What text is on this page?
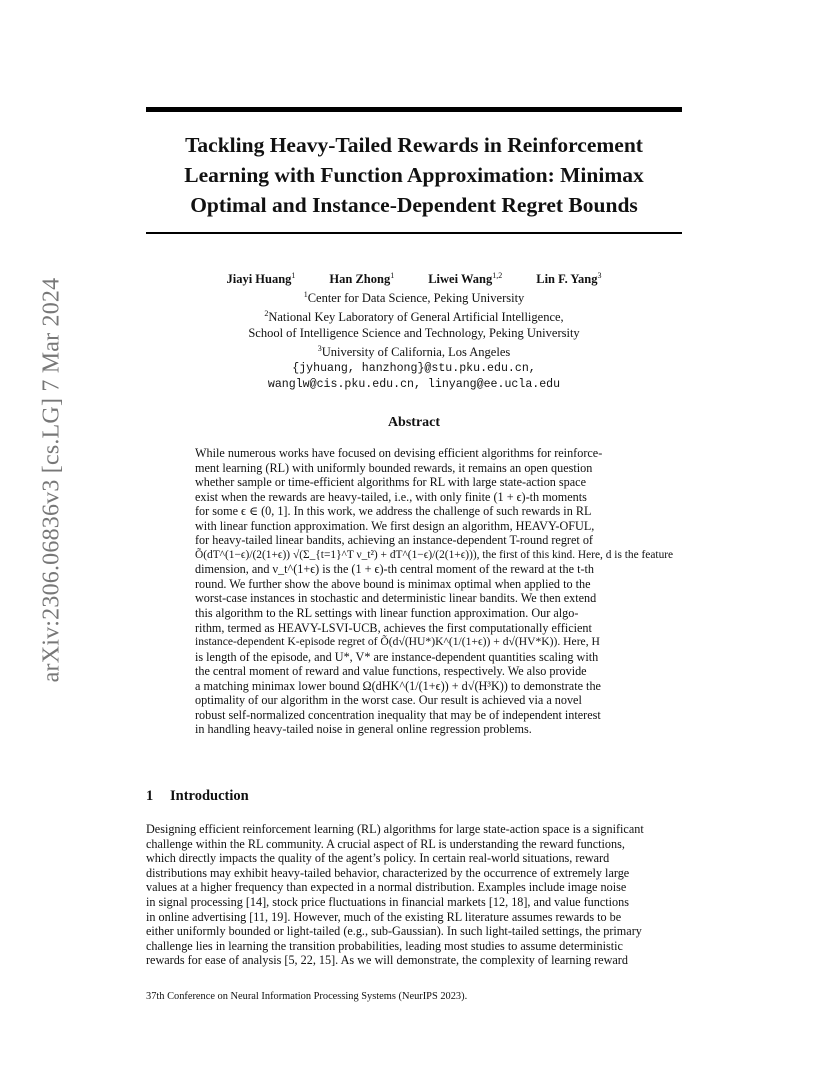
Tackling Heavy-Tailed Rewards in Reinforcement
Learning with Function Approximation: Minimax
Optimal and Instance-Dependent Regret Bounds
arXiv:2306.06836v3 [cs.LG] 7 Mar 2024	Jiayi Huang$^1$	Han Zhong$^1$	Liwei Wang$^{1,2}$	Lin F. Yang$^3$
$^1$Center for Data Science, Peking University
$^2$National Key Laboratory of General Artificial Intelligence,
School of Intelligence Science and Technology, Peking University
$^3$University of California, Los Angeles
{jyhuang, hanzhong}@stu.pku.edu.cn,
wanglw@cis.pku.edu.cn, linyang@ee.ucla.edu
Abstract
While numerous works have focused on devising efficient algorithms for reinforce-
ment learning (RL) with uniformly bounded rewards, it remains an open question
whether sample or time-efficient algorithms for RL with large state-action space
exist when the rewards are heavy-tailed, i.e., with only finite (1 + ϵ)-th moments
for some ϵ ∈ (0, 1]. In this work, we address the challenge of such rewards in RL
with linear function approximation. We first design an algorithm, HEAVY-OFUL,
for heavy-tailed linear bandits, achieving an instance-dependent T-round regret of
Õ(dT^(1−ϵ)/(2(1+ϵ)) √(Σ_{t=1}^T ν_t²) + dT^(1−ϵ)/(2(1+ϵ))), the first of this kind. Here, d is the feature
dimension, and ν_t^(1+ϵ) is the (1 + ϵ)-th central moment of the reward at the t-th
round. We further show the above bound is minimax optimal when applied to the
worst-case instances in stochastic and deterministic linear bandits. We then extend
this algorithm to the RL settings with linear function approximation. Our algo-
rithm, termed as HEAVY-LSVI-UCB, achieves the first computationally efficient
instance-dependent K-episode regret of Õ(d√(HU*)K^(1/(1+ϵ)) + d√(HV*K)). Here, H
is length of the episode, and U*, V* are instance-dependent quantities scaling with
the central moment of reward and value functions, respectively. We also provide
a matching minimax lower bound Ω(dHK^(1/(1+ϵ)) + d√(H³K)) to demonstrate the
optimality of our algorithm in the worst case. Our result is achieved via a novel
robust self-normalized concentration inequality that may be of independent interest
in handling heavy-tailed noise in general online regression problems.
1 Introduction
Designing efficient reinforcement learning (RL) algorithms for large state-action space is a significant
challenge within the RL community. A crucial aspect of RL is understanding the reward functions,
which directly impacts the quality of the agent’s policy. In certain real-world situations, reward
distributions may exhibit heavy-tailed behavior, characterized by the occurrence of extremely large
values at a higher frequency than expected in a normal distribution. Examples include image noise
in signal processing [14], stock price fluctuations in financial markets [12, 18], and value functions
in online advertising [11, 19]. However, much of the existing RL literature assumes rewards to be
either uniformly bounded or light-tailed (e.g., sub-Gaussian). In such light-tailed settings, the primary
challenge lies in learning the transition probabilities, leading most studies to assume deterministic
rewards for ease of analysis [5, 22, 15]. As we will demonstrate, the complexity of learning reward
37th Conference on Neural Information Processing Systems (NeurIPS 2023).
